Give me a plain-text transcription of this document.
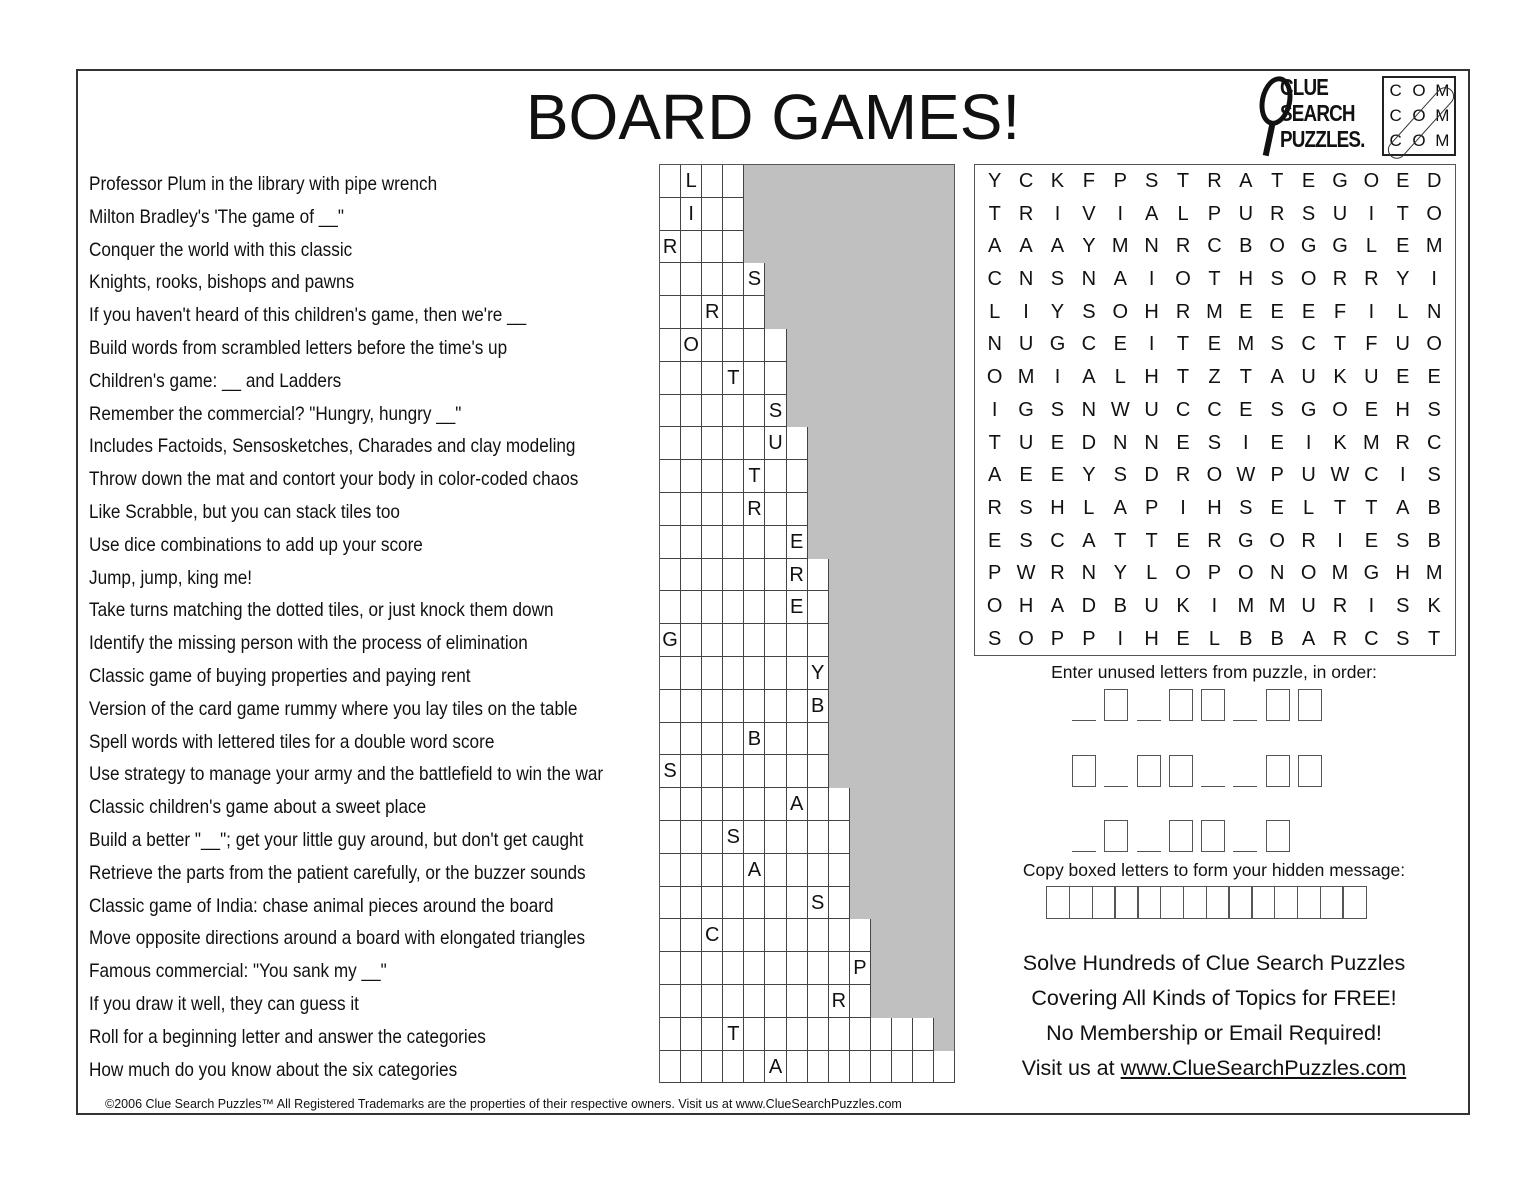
BOARD GAMES!	CLUE
SEARCH
PUZZLES.
C O M
C O M
C O M
Professor Plum in the library with pipe wrench
Milton Bradley's 'The game of __"
Conquer the world with this classic
Knights, rooks, bishops and pawns
If you haven't heard of this children's game, then we're __
Build words from scrambled letters before the time's up
Children's game: __ and Ladders
Remember the commercial? "Hungry, hungry __"
Includes Factoids, Sensosketches, Charades and clay modeling
Throw down the mat and contort your body in color-coded chaos
Like Scrabble, but you can stack tiles too
Use dice combinations to add up your score
Jump, jump, king me!
Take turns matching the dotted tiles, or just knock them down
Identify the missing person with the process of elimination
Classic game of buying properties and paying rent
Version of the card game rummy where you lay tiles on the table
Spell words with lettered tiles for a double word score
Use strategy to manage your army and the battlefield to win the war
Classic children's game about a sweet place
Build a better "__"; get your little guy around, but don't get caught
Retrieve the parts from the patient carefully, or the buzzer sounds
Classic game of India: chase animal pieces around the board
Move opposite directions around a board with elongated triangles
Famous commercial: "You sank my __"
If you draw it well, they can guess it
Roll for a beginning letter and answer the categories
How much do you know about the six categories
L
I
R
S
R
O
T
S
U
T
R
E
R
E
G
Y
B
B
S
A
S
A
S
C
P
R
T
A
Y C K F P S T R A T E G O E D
T R	I	V	I	A L P U R S U	I	T O
A A A Y M N R C B O G G L E M
C N S N A	I	O T H S O R R Y	I
L	I	Y S O H R M E E E F	I	L N
N U G C E	I	T E M S C T F U O
O M	I	A L H T Z T A U K U E E
I	G S N W U C C E S G O E H S
T U E D N N E S	I	E	I	K M R C
A E E Y S D R O W P U W C	I	S
R S H L A P	I	H S E L T T A B
E S C A T T E R G O R	I	E S B
P W R N Y L O P O N O M G H M
O H A D B U K	I	M M U R	I	S K
S O P P	I	H E L B B A R C S T
Enter unused letters from puzzle, in order:
Copy boxed letters to form your hidden message:
Solve Hundreds of Clue Search Puzzles
Covering All Kinds of Topics for FREE!
No Membership or Email Required!
Visit us at www.ClueSearchPuzzles.com
©2006 Clue Search Puzzles™ All Registered Trademarks are the properties of their respective owners. Visit us at www.ClueSearchPuzzles.com
